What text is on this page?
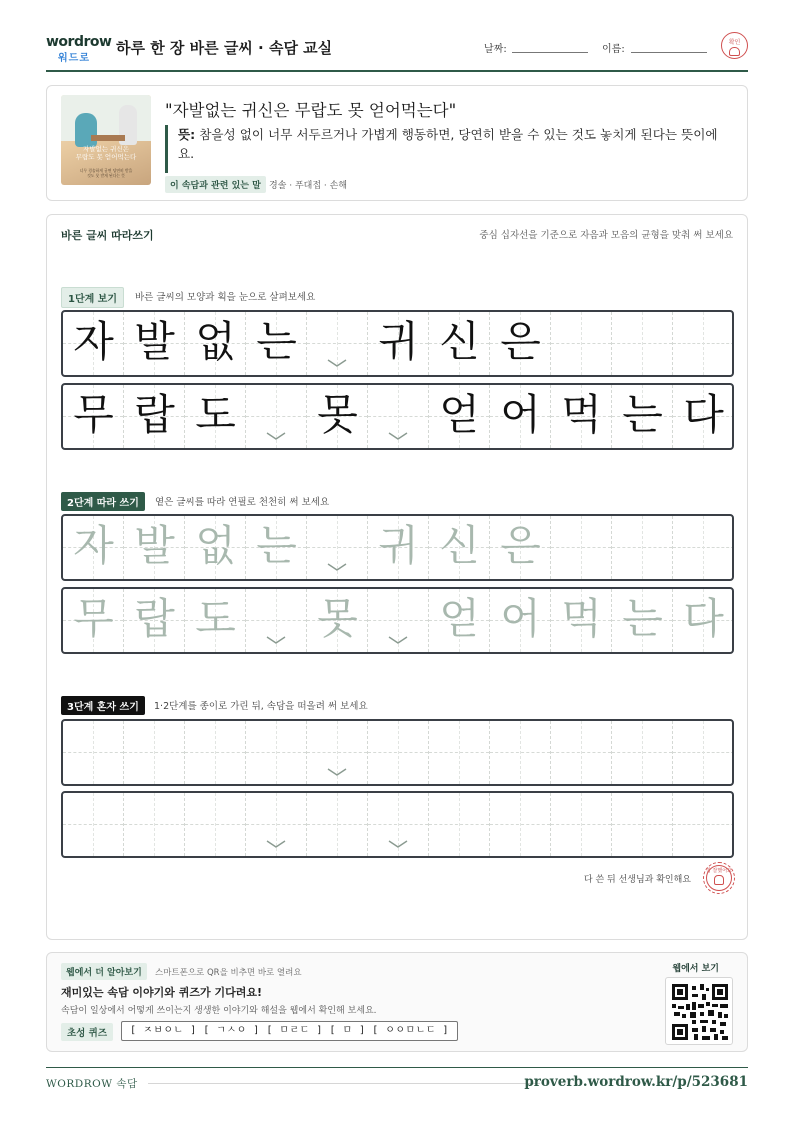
wordrow
워드로
하루 한 장 바른 글씨 · 속담 교실	날짜:	이름:
확인
자발없는 귀신은
무랍도 못 얻어먹는다
너무 경솔하게 굴면 당연히 받을
것도 못 받게 된다는 뜻
"자발없는 귀신은 무랍도 못 얻어먹는다"
뜻: 참을성 없이 너무 서두르거나 가볍게 행동하면, 당연히 받을 수 있는 것도 놓치게 된다는 뜻이에요.
이 속담과 관련 있는 말 경솔 · 푸대접 · 손해
바른 글씨 따라쓰기	중심 십자선을 기준으로 자음과 모음의 균형을 맞춰 써 보세요
1단계 보기	바른 글씨의 모양과 획을 눈으로 살펴보세요
자 발 없 는 귀 신 은
무 랍 도 못 얻 어 먹 는 다
2단계 따라 쓰기	옅은 글씨를 따라 연필로 천천히 써 보세요
자 발 없 는 귀 신 은
무 랍 도 못 얻 어 먹 는 다
3단계 혼자 쓰기	1·2단계를 종이로 가린 뒤, 속담을 떠올려 써 보세요
다 쓴 뒤 선생님과 확인해요
참 잘했어요
웹에서 더 알아보기	스마트폰으로 QR을 비추면 바로 열려요
재미있는 속담 이야기와 퀴즈가 기다려요!
속담이 일상에서 어떻게 쓰이는지 생생한 이야기와 해설을 웹에서 확인해 보세요.
초성 퀴즈	[ ㅈㅂㅇㄴ ] [ ㄱㅅㅇ ] [ ㅁㄹㄷ ] [ ㅁ ] [ ㅇㅇㅁㄴㄷ ]
웹에서 보기
WORDROW 속담	proverb.wordrow.kr/p/523681
